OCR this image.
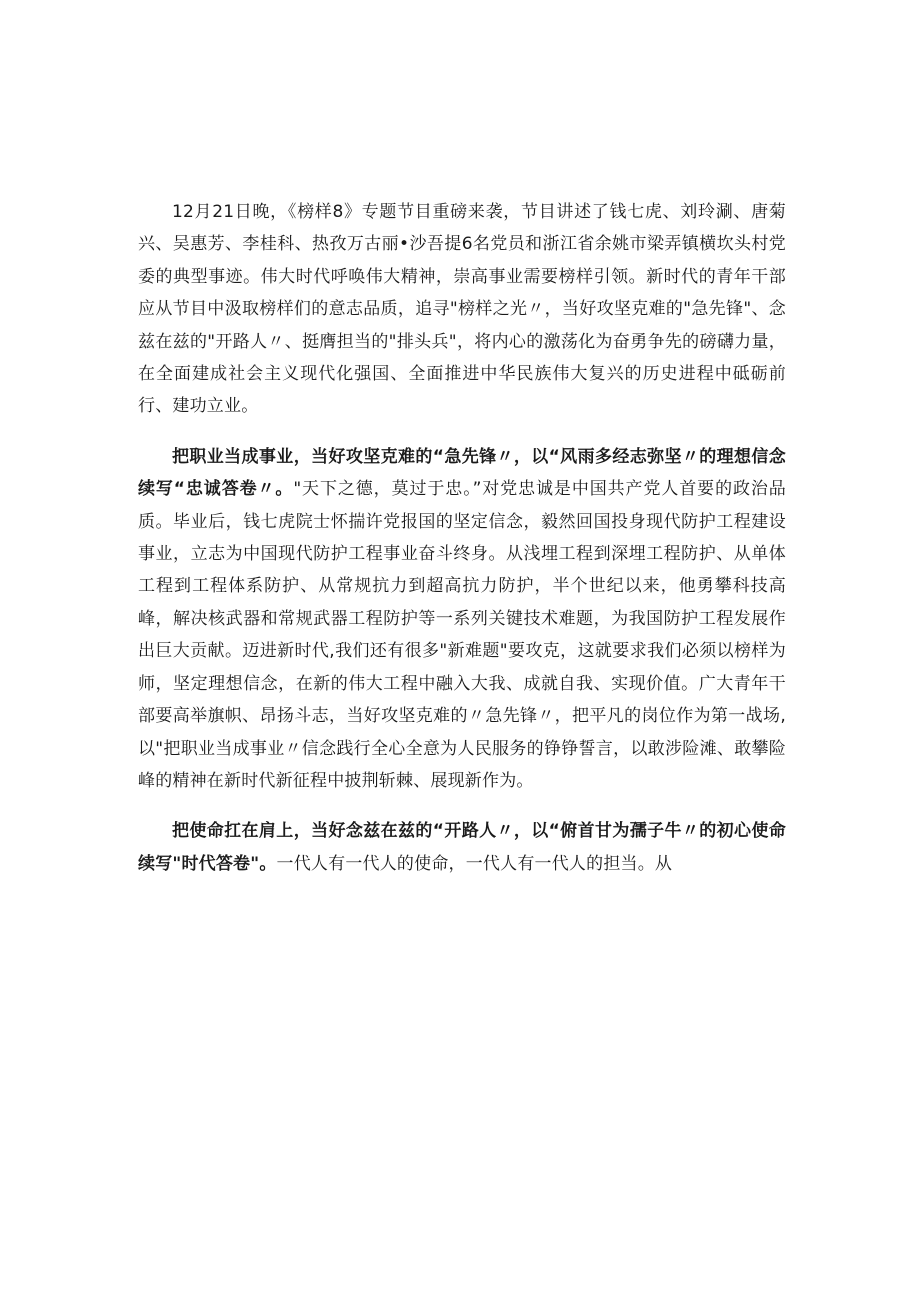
12月21日晚，《榜样8》专题节目重磅来袭，节目讲述了钱七虎、刘玲涮、唐菊兴、吴惠芳、李桂科、热孜万古丽•沙吾提6名党员和浙江省余姚市梁弄镇横坎头村党委的典型事迹。伟大时代呼唤伟大精神，崇高事业需要榜样引领。新时代的青年干部应从节目中汲取榜样们的意志品质，追寻"榜样之光〃，当好攻坚克难的"急先锋"、念兹在兹的"开路人〃、挺膺担当的"排头兵"，将内心的激荡化为奋勇争先的磅礴力量，在全面建成社会主义现代化强国、全面推进中华民族伟大复兴的历史进程中砥砺前行、建功立业。

把职业当成事业，当好攻坚克难的“急先锋〃，以“风雨多经志弥坚〃的理想信念续写“忠诚答卷〃。"天下之德，莫过于忠。”对党忠诚是中国共产党人首要的政治品质。毕业后，钱七虎院士怀揣许党报国的坚定信念，毅然回国投身现代防护工程建设事业，立志为中国现代防护工程事业奋斗终身。从浅埋工程到深埋工程防护、从单体工程到工程体系防护、从常规抗力到超高抗力防护，半个世纪以来，他勇攀科技高峰，解决核武器和常规武器工程防护等一系列关键技术难题，为我国防护工程发展作出巨大贡献。迈进新时代,我们还有很多"新难题"要攻克，这就要求我们必须以榜样为师，坚定理想信念，在新的伟大工程中融入大我、成就自我、实现价值。广大青年干部要高举旗帜、昂扬斗志，当好攻坚克难的〃急先锋〃，把平凡的岗位作为第一战场,以"把职业当成事业〃信念践行全心全意为人民服务的铮铮誓言，以敢涉险滩、敢攀险峰的精神在新时代新征程中披荆斩棘、展现新作为。

把使命扛在肩上，当好念兹在兹的“开路人〃，以“俯首甘为孺子牛〃的初心使命续写"时代答卷"。一代人有一代人的使命，一代人有一代人的担当。从
